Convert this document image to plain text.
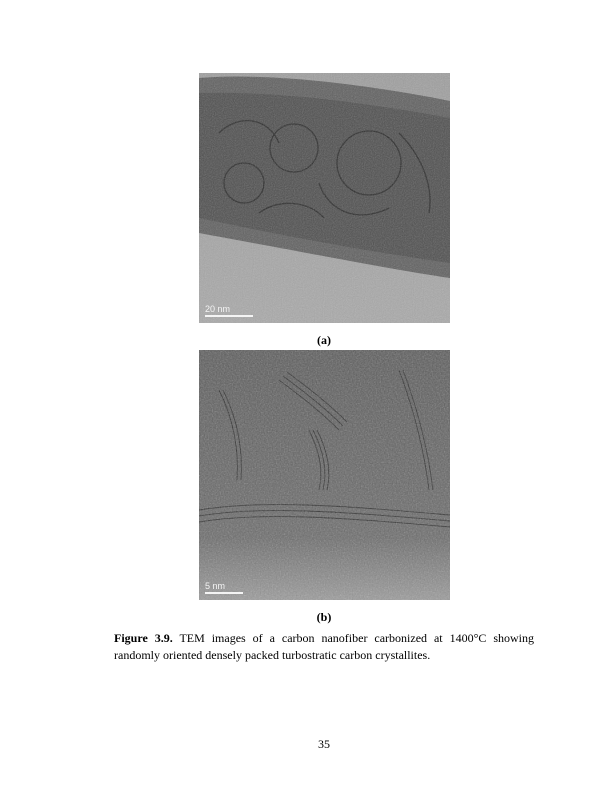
20 nm
(a)
5 nm
(b)
Figure 3.9. TEM images of a carbon nanofiber carbonized at 1400°C showing randomly oriented densely packed turbostratic carbon crystallites.
35
